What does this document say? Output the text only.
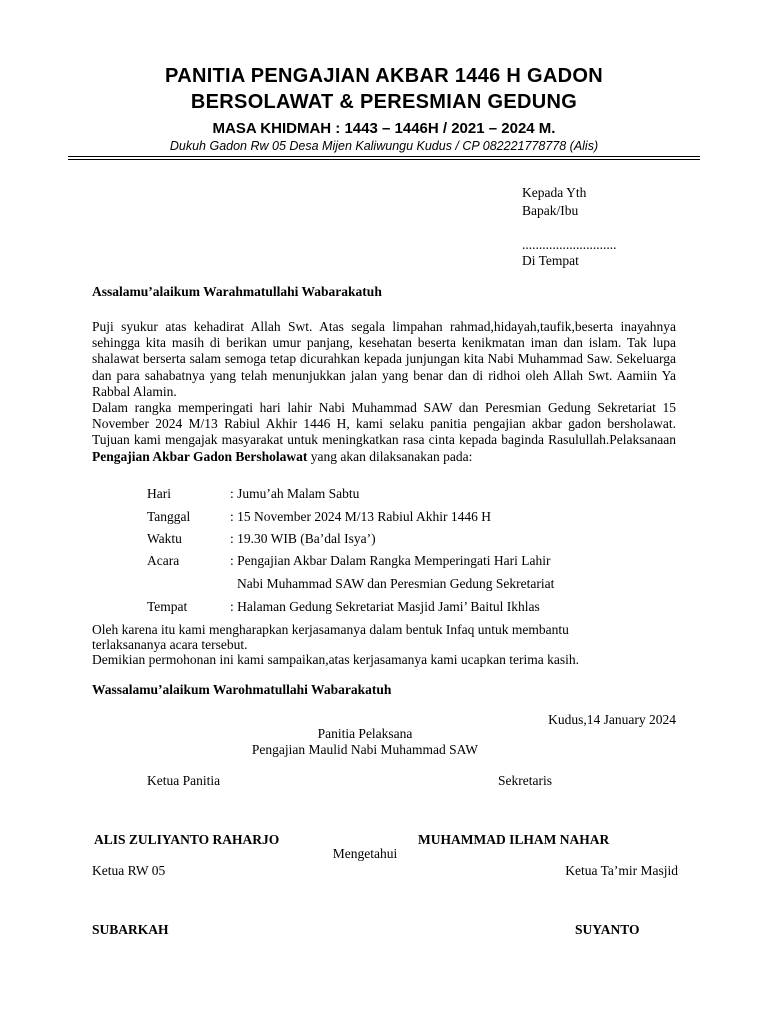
PANITIA PENGAJIAN AKBAR 1446 H GADON
BERSOLAWAT & PERESMIAN GEDUNG
MASA KHIDMAH : 1443 – 1446H / 2021 – 2024 M.
Dukuh Gadon Rw 05 Desa Mijen Kaliwungu Kudus / CP 082221778778 (Alis)
Kepada Yth
Bapak/Ibu
............................
Di Tempat
Assalamu’alaikum Warahmatullahi Wabarakatuh

Puji syukur atas kehadirat Allah Swt. Atas segala limpahan rahmad,hidayah,taufik,beserta inayahnya sehingga kita masih di berikan umur panjang, kesehatan beserta kenikmatan iman dan islam. Tak lupa shalawat berserta salam semoga tetap dicurahkan kepada junjungan kita Nabi Muhammad Saw. Sekeluarga dan para sahabatnya yang telah menunjukkan jalan yang benar dan di ridhoi oleh Allah Swt. Aamiin Ya Rabbal Alamin.

Dalam rangka memperingati hari lahir Nabi Muhammad SAW dan Peresmian Gedung Sekretariat 15 November 2024 M/13 Rabiul Akhir 1446 H, kami selaku panitia pengajian akbar gadon bersholawat. Tujuan kami mengajak masyarakat untuk meningkatkan rasa cinta kepada baginda Rasulullah.Pelaksanaan Pengajian Akbar Gadon Bersholawat yang akan dilaksanakan pada:

Hari	: Jumu’ah Malam Sabtu
Tanggal	: 15 November 2024 M/13 Rabiul Akhir 1446 H
Waktu	: 19.30 WIB (Ba’dal Isya’)
Acara	: Pengajian Akbar Dalam Rangka Memperingati Hari Lahir
Nabi Muhammad SAW dan Peresmian Gedung Sekretariat
Tempat	: Halaman Gedung Sekretariat Masjid Jami’ Baitul Ikhlas
Oleh karena itu kami mengharapkan kerjasamanya dalam bentuk Infaq untuk membantu
terlaksananya acara tersebut.
Demikian permohonan ini kami sampaikan,atas kerjasamanya kami ucapkan terima kasih.
Wassalamu’alaikum Warohmatullahi Wabarakatuh
Kudus,14 January 2024
Panitia Pelaksana
Pengajian Maulid Nabi Muhammad SAW
Ketua Panitia	Sekretaris
ALIS ZULIYANTO RAHARJO	MUHAMMAD ILHAM NAHAR
Mengetahui
Ketua RW 05	Ketua Ta’mir Masjid
SUBARKAH	SUYANTO
